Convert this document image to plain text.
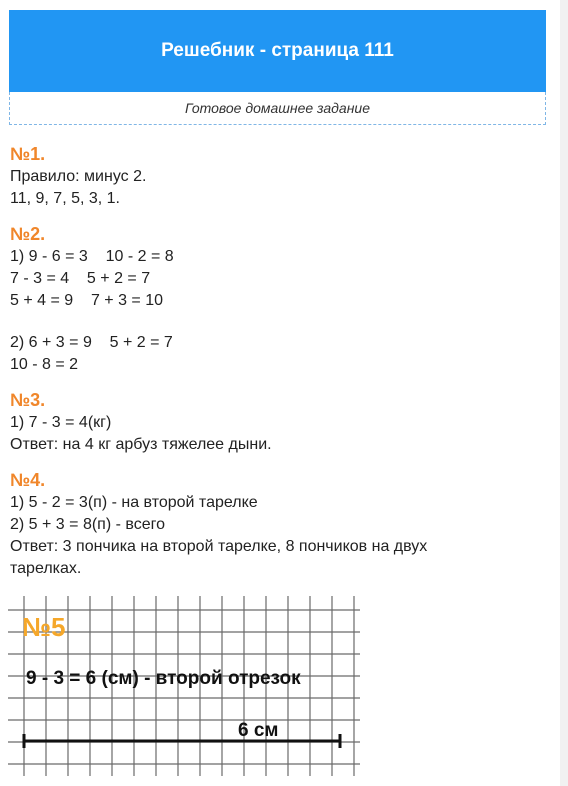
Решебник - страница 111
Готовое домашнее задание
№1.
Правило: минус 2.
11, 9, 7, 5, 3, 1.
№2.
1) 9 - 6 = 3    10 - 2 = 8
7 - 3 = 4    5 + 2 = 7
5 + 4 = 9    7 + 3 = 10
2) 6 + 3 = 9    5 + 2 = 7
10 - 8 = 2
№3.
1) 7 - 3 = 4(кг)
Ответ: на 4 кг арбуз тяжелее дыни.
№4.
1) 5 - 2 = 3(п) - на второй тарелке
2) 5 + 3 = 8(п) - всего
Ответ: 3 пончика на второй тарелке, 8 пончиков на двух
тарелках.
№5
9 - 3 = 6 (см) - второй отрезок
6 см
